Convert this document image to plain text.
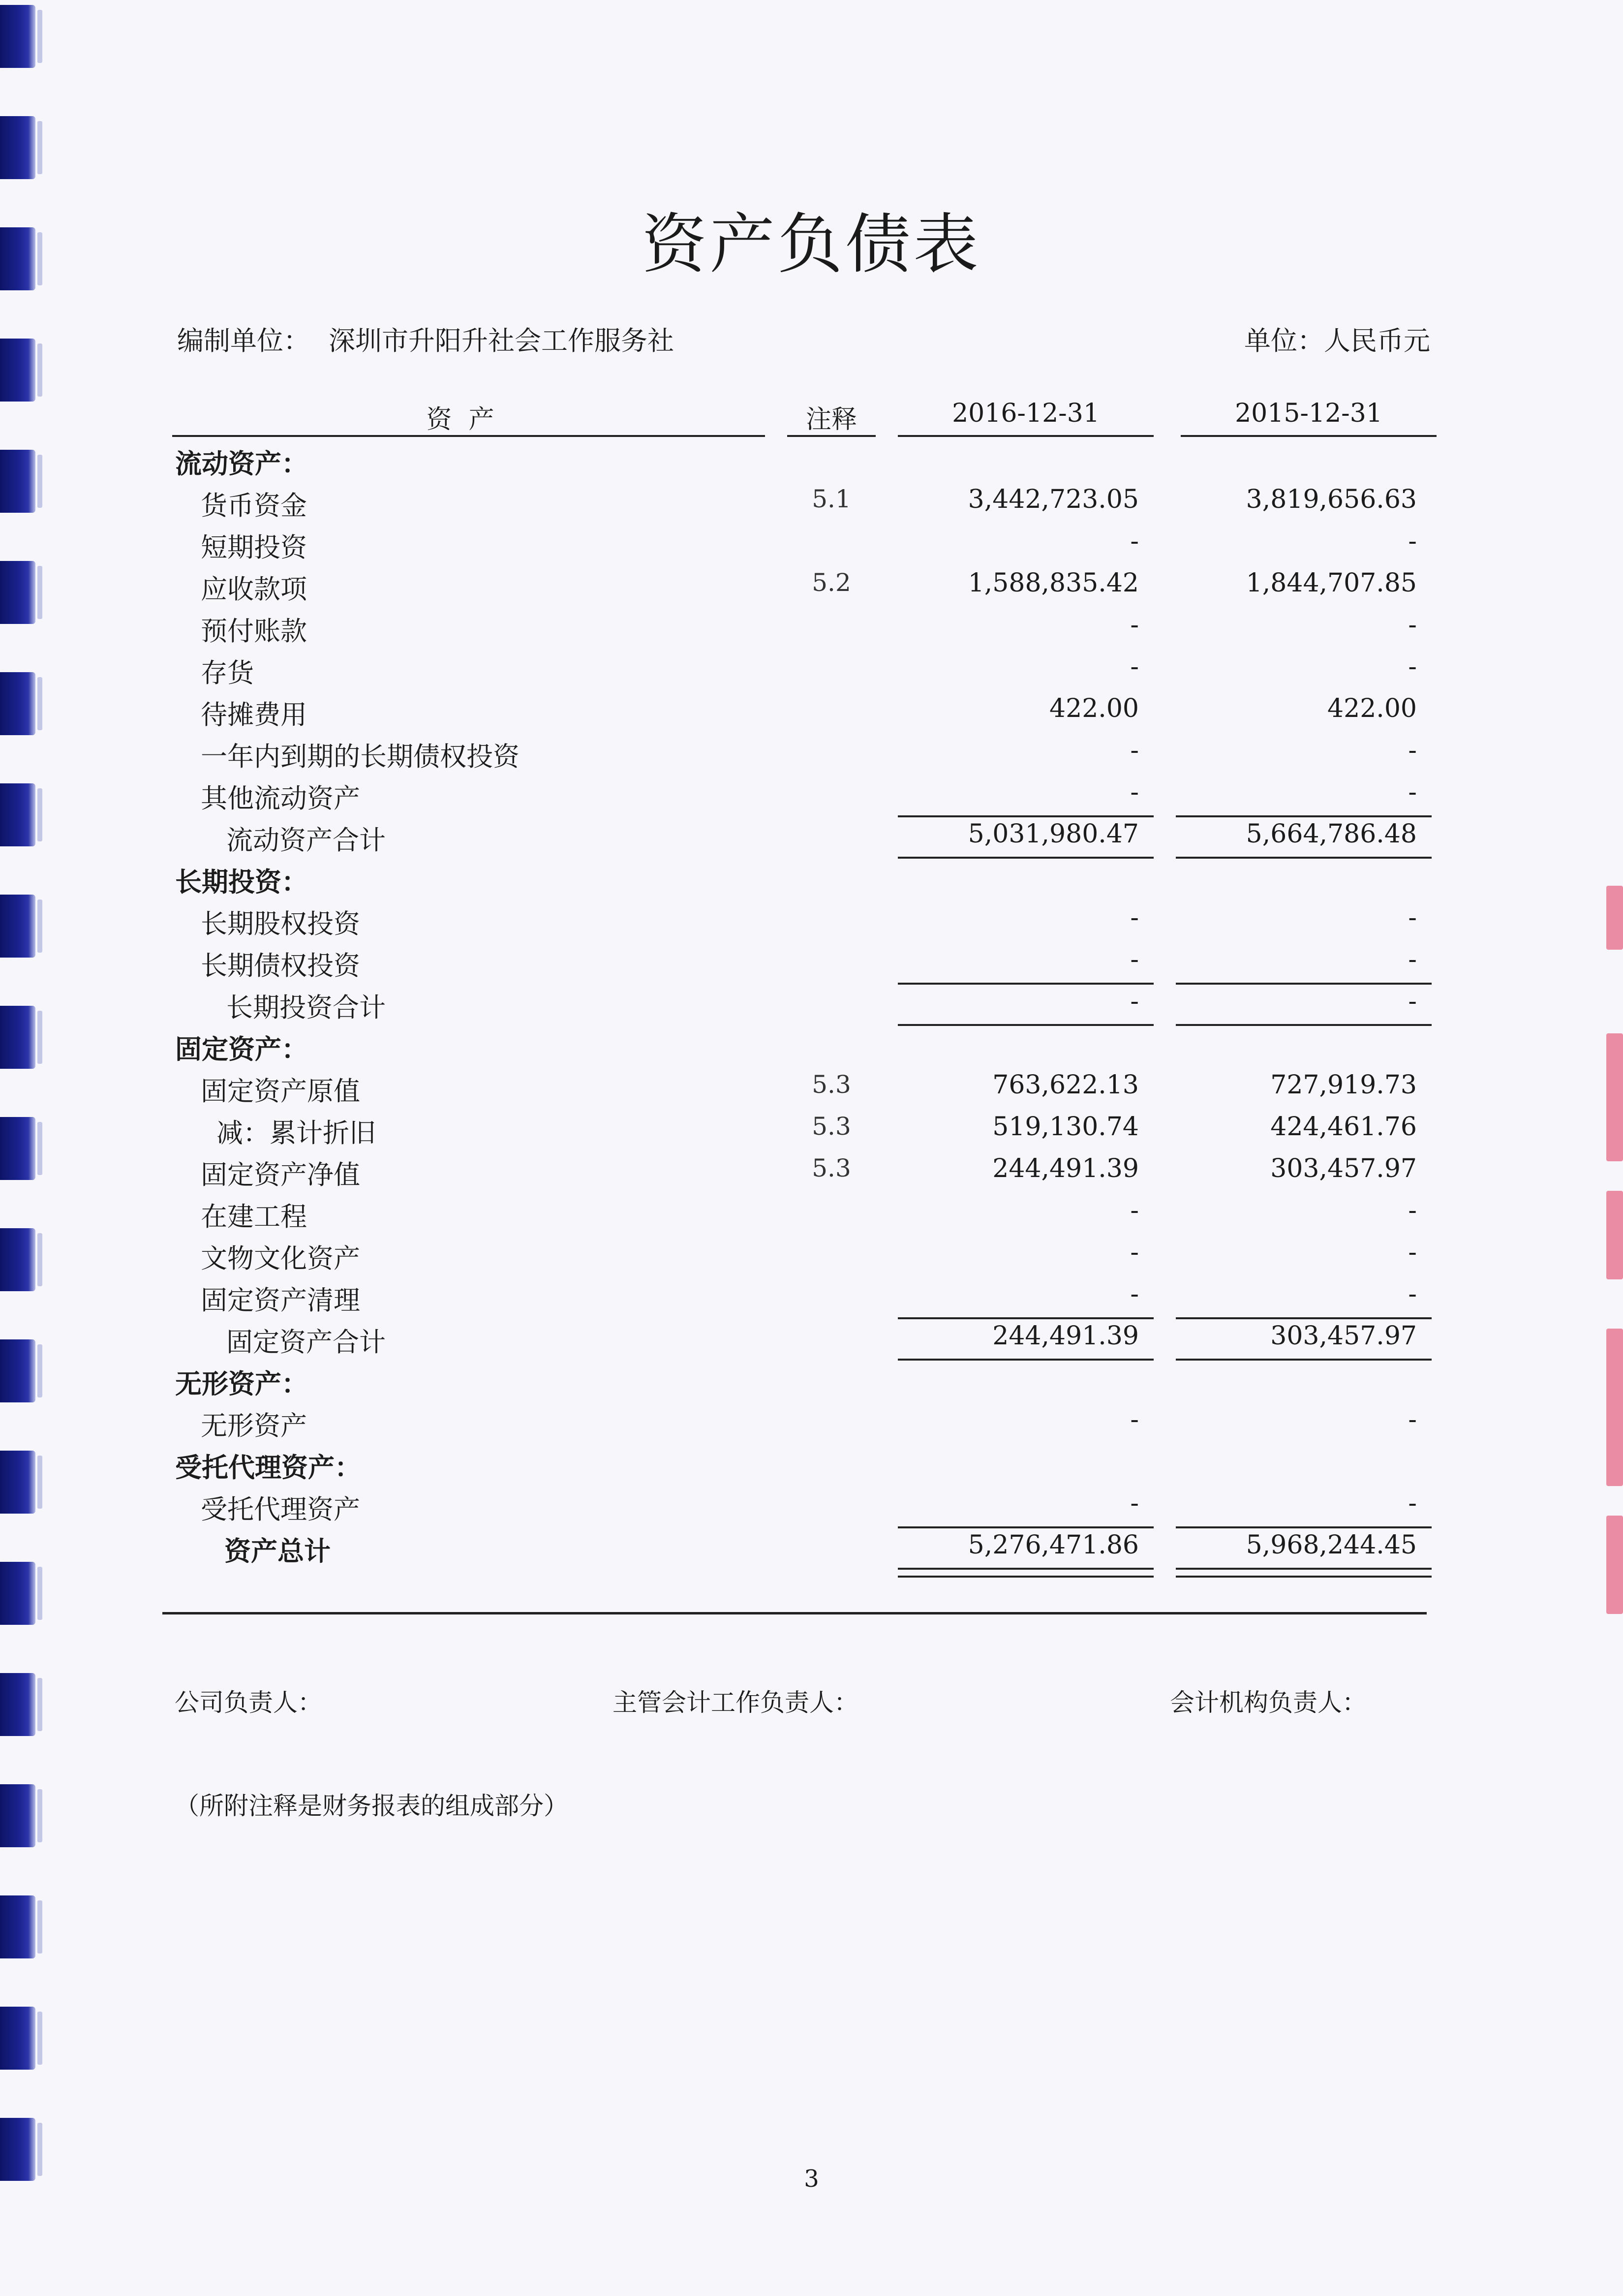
资产负债表
编制单位： 深圳市升阳升社会工作服务社	单位：人民币元
资产	注释	2016-12-31	2015-12-31
流动资产：
货币资金	5.1	3,442,723.05	3,819,656.63
短期投资	-	-
应收款项	5.2	1,588,835.42	1,844,707.85
预付账款	-	-
存货	-	-
待摊费用	422.00	422.00
一年内到期的长期债权投资	-	-
其他流动资产	-	-
流动资产合计	5,031,980.47	5,664,786.48
长期投资：
长期股权投资	-	-
长期债权投资	-	-
长期投资合计	-	-
固定资产：
固定资产原值	5.3	763,622.13	727,919.73
减：累计折旧	5.3	519,130.74	424,461.76
固定资产净值	5.3	244,491.39	303,457.97
在建工程	-	-
文物文化资产	-	-
固定资产清理	-	-
固定资产合计	244,491.39	303,457.97
无形资产：
无形资产	-	-
受托代理资产：
受托代理资产	-	-
资产总计	5,276,471.86	5,968,244.45
公司负责人：	主管会计工作负责人：	会计机构负责人：
（所附注释是财务报表的组成部分）
3
